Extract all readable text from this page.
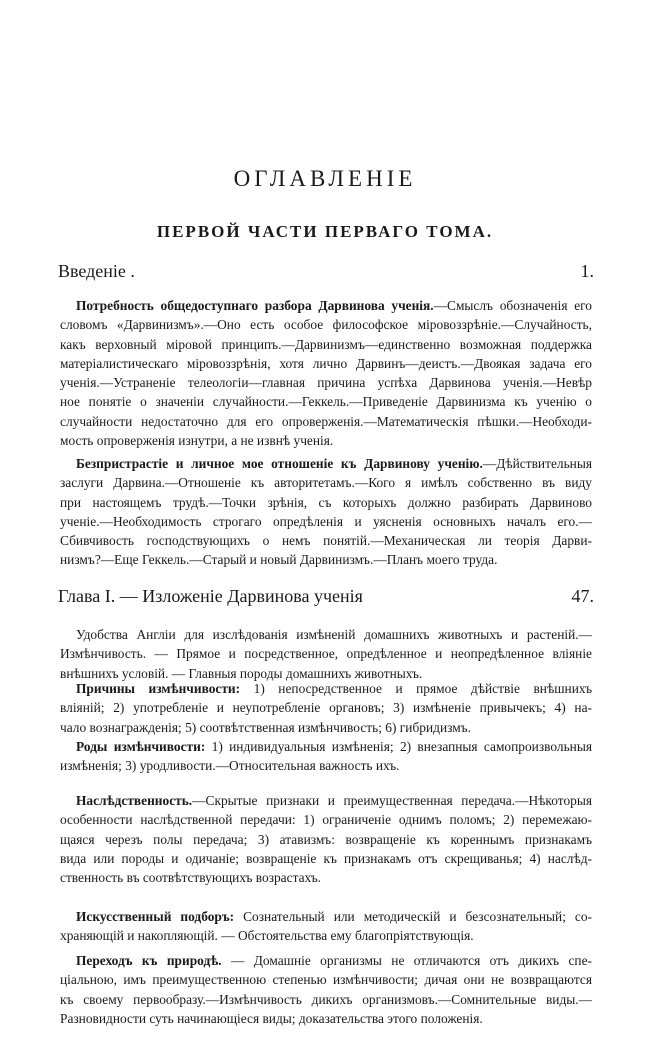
ОГЛАВЛЕНІЕ
ПЕРВОЙ ЧАСТИ ПЕРВАГО ТОМА.
Введеніе .	1.
Глава I. — Изложеніе Дарвинова ученія	47.
Потребность общедоступнаго разбора Дарвинова ученія.—Смыслъ обозначенія его
словомъ «Дарвинизмъ».—Оно есть особое философское міровоззрѣніе.—Случайность,
какъ верховный міровой принципъ.—Дарвинизмъ—единственно возможная поддержка
матеріалистическаго міровоззрѣнія, хотя лично Дарвинъ—деистъ.—Двоякая задача его
ученія.—Устраненіе телеологіи—главная причина успѣха Дарвинова ученія.—Невѣр
ное понятіе о значеніи случайности.—Геккель.—Приведеніе Дарвинизма къ ученію о
случайности недостаточно для его опроверженія.—Математическія пѣшки.—Необходи-
мость опроверженія изнутри, а не извнѣ ученія.
Безпристрастіе и личное мое отношеніе къ Дарвинову ученію.—Дѣйствительныя
заслуги Дарвина.—Отношеніе къ авторитетамъ.—Кого я имѣлъ собственно въ виду
при настоящемъ трудѣ.—Точки зрѣнія, съ которыхъ должно разбирать Дарвиново
ученіе.—Необходимость строгаго опредѣленія и уясненія основныхъ началъ его.—
Сбивчивость господствующихъ о немъ понятій.—Механическая ли теорія Дарви-
низмъ?—Еще Геккель.—Старый и новый Дарвинизмъ.—Планъ моего труда.
Удобства Англіи для изслѣдованія измѣненій домашнихъ животныхъ и растеній.—
Измѣнчивость. — Прямое и посредственное, опредѣленное и неопредѣленное вліяніе
внѣшнихъ условій. — Главныя породы домашнихъ животныхъ.
Причины измѣнчивости: 1) непосредственное и прямое дѣйствіе внѣшнихъ
вліяній; 2) употребленіе и неупотребленіе органовъ; 3) измѣненіе привычекъ; 4) на-
чало вознагражденія; 5) соотвѣтственная измѣнчивость; 6) гибридизмъ.
Роды измѣнчивости: 1) индивидуальныя измѣненія; 2) внезапныя самопроизвольныя
измѣненія; 3) уродливости.—Относительная важность ихъ.
Наслѣдственность.—Скрытые признаки и преимущественная передача.—Нѣкоторыя
особенности наслѣдственной передачи: 1) ограниченіе однимъ поломъ; 2) перемежаю-
щаяся черезъ полы передача; 3) атавизмъ: возвращеніе къ кореннымъ признакамъ
вида или породы и одичаніе; возвращеніе къ признакамъ отъ скрещиванья; 4) наслѣд-
ственность въ соотвѣтствующихъ возрастахъ.
Искусственный подборъ: Сознательный или методическій и безсознательный; со-
храняющій и накопляющій. — Обстоятельства ему благопріятствующія.
Переходъ къ природѣ. — Домашніе организмы не отличаются отъ дикихъ спе-
ціальною, имъ преимущественною степенью измѣнчивости; дичая они не возвращаются
къ своему первообразу.—Измѣнчивость дикихъ организмовъ.—Сомнительные виды.—
Разновидности суть начинающіеся виды; доказательства этого положенія.
